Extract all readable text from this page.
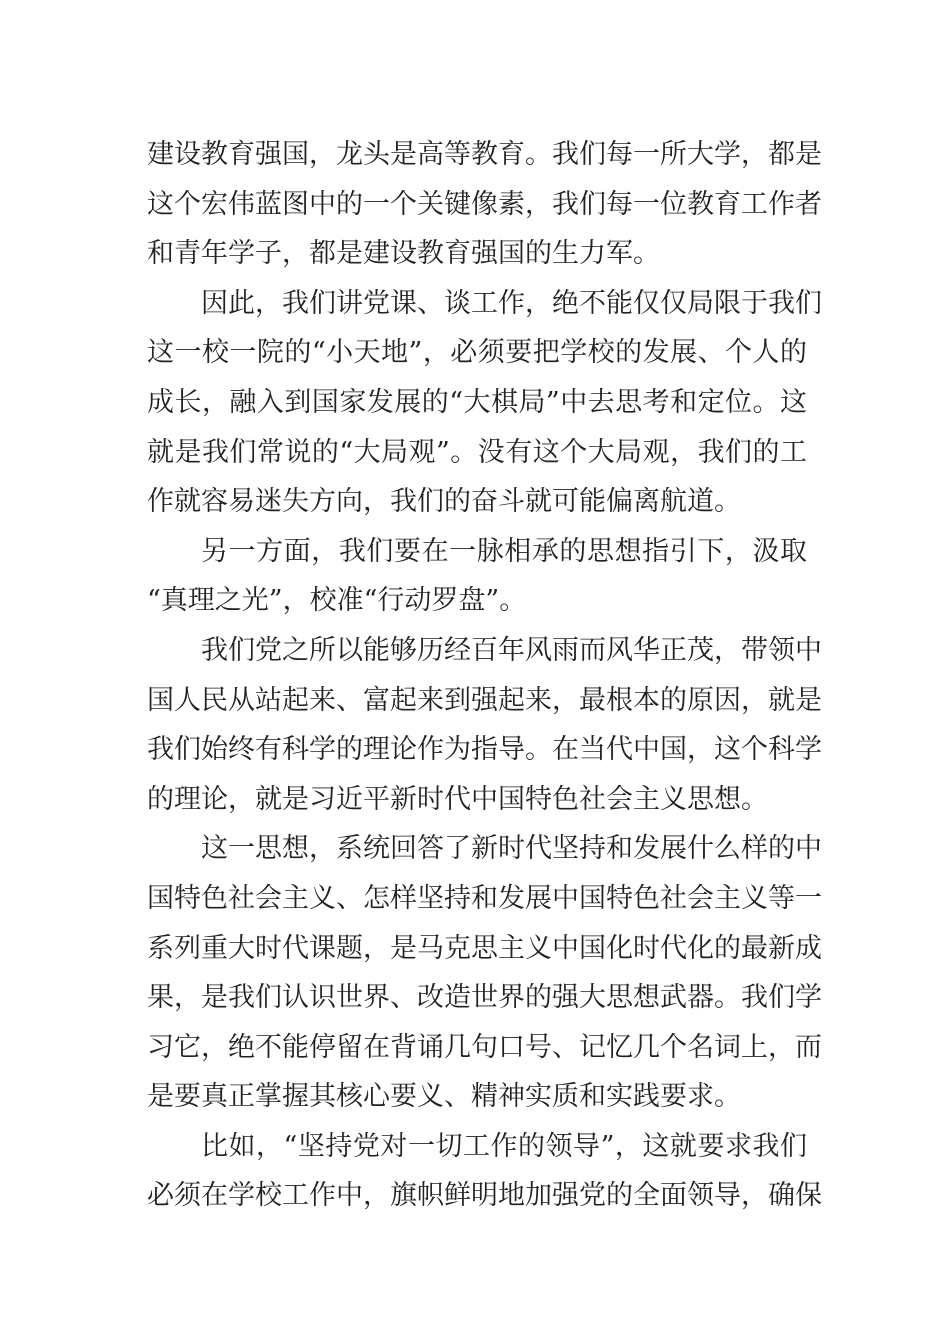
建设教育强国，龙头是高等教育。我们每一所大学，都是
这个宏伟蓝图中的一个关键像素，我们每一位教育工作者
和青年学子，都是建设教育强国的生力军。
因此，我们讲党课、谈工作，绝不能仅仅局限于我们
这一校一院的“小天地”，必须要把学校的发展、个人的
成长，融入到国家发展的“大棋局”中去思考和定位。这
就是我们常说的“大局观”。没有这个大局观，我们的工
作就容易迷失方向，我们的奋斗就可能偏离航道。
另一方面，我们要在一脉相承的思想指引下，汲取
“真理之光”，校准“行动罗盘”。
我们党之所以能够历经百年风雨而风华正茂，带领中
国人民从站起来、富起来到强起来，最根本的原因，就是
我们始终有科学的理论作为指导。在当代中国，这个科学
的理论，就是习近平新时代中国特色社会主义思想。
这一思想，系统回答了新时代坚持和发展什么样的中
国特色社会主义、怎样坚持和发展中国特色社会主义等一
系列重大时代课题，是马克思主义中国化时代化的最新成
果，是我们认识世界、改造世界的强大思想武器。我们学
习它，绝不能停留在背诵几句口号、记忆几个名词上，而
是要真正掌握其核心要义、精神实质和实践要求。
比如，“坚持党对一切工作的领导”，这就要求我们
必须在学校工作中，旗帜鲜明地加强党的全面领导，确保
